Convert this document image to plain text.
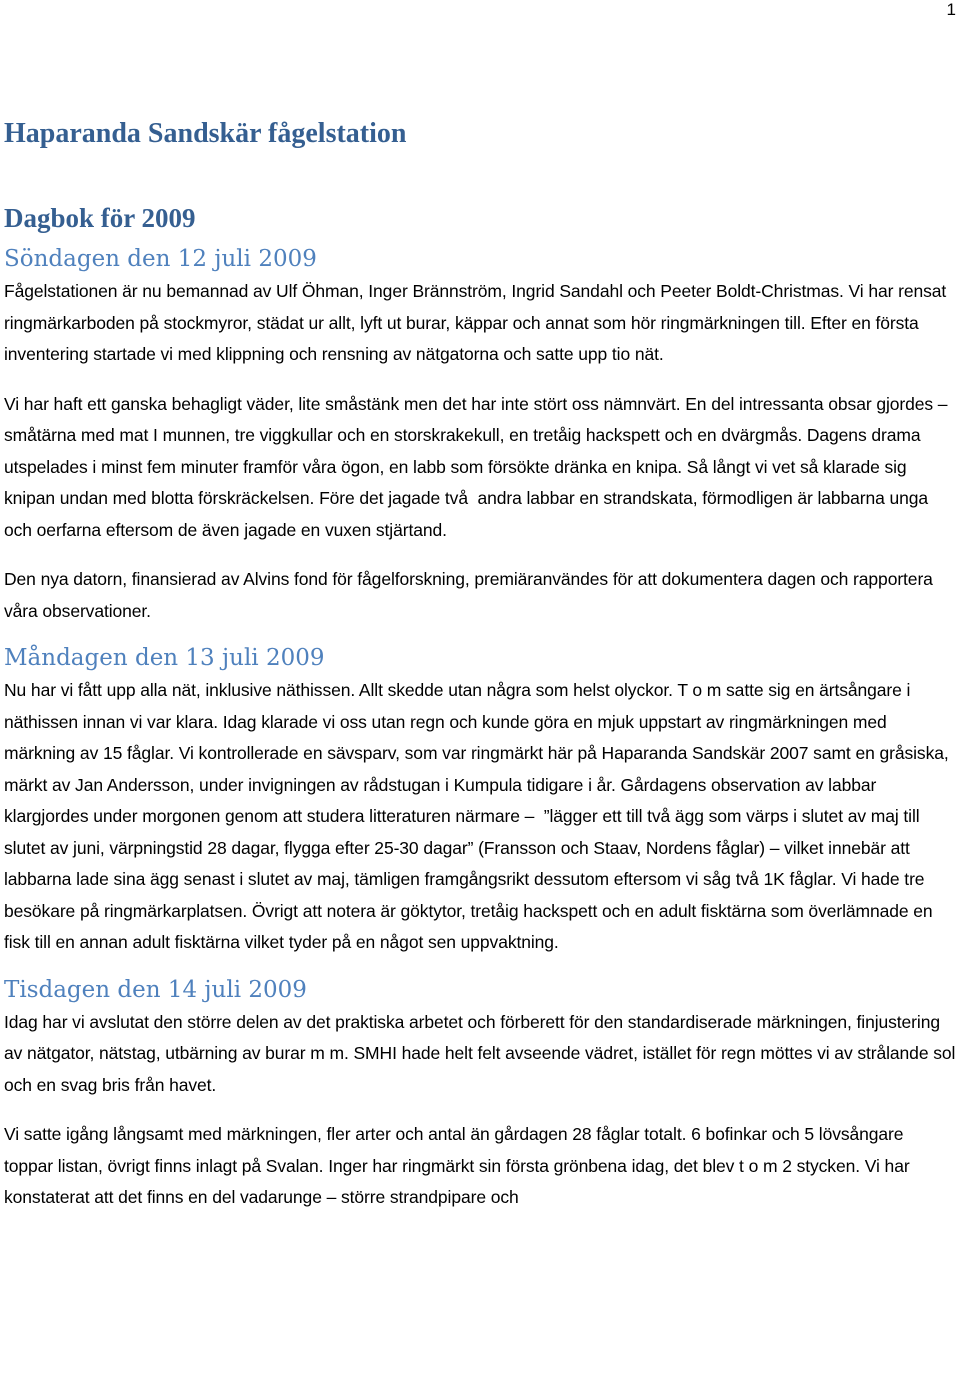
1
Haparanda Sandskär fågelstation
Dagbok för 2009
Söndagen den 12 juli 2009

Fågelstationen är nu bemannad av Ulf Öhman, Inger Brännström, Ingrid Sandahl och Peeter Boldt-Christmas. Vi har rensat ringmärkarboden på stockmyror, städat ur allt, lyft ut burar, käppar och annat som hör ringmärkningen till. Efter en första inventering startade vi med klippning och rensning av nätgatorna och satte upp tio nät.

Vi har haft ett ganska behagligt väder, lite småstänk men det har inte stört oss nämnvärt. En del intressanta obsar gjordes – småtärna med mat I munnen, tre viggkullar och en storskrakekull, en tretåig hackspett och en dvärgmås. Dagens drama utspelades i minst fem minuter framför våra ögon, en labb som försökte dränka en knipa. Så långt vi vet så klarade sig knipan undan med blotta förskräckelsen. Före det jagade två  andra labbar en strandskata, förmodligen är labbarna unga och oerfarna eftersom de även jagade en vuxen stjärtand.

Den nya datorn, finansierad av Alvins fond för fågelforskning, premiäranvändes för att dokumentera dagen och rapportera våra observationer.

Måndagen den 13 juli 2009

Nu har vi fått upp alla nät, inklusive näthissen. Allt skedde utan några som helst olyckor. T o m satte sig en ärtsångare i näthissen innan vi var klara. Idag klarade vi oss utan regn och kunde göra en mjuk uppstart av ringmärkningen med märkning av 15 fåglar. Vi kontrollerade en sävsparv, som var ringmärkt här på Haparanda Sandskär 2007 samt en gråsiska, märkt av Jan Andersson, under invigningen av rådstugan i Kumpula tidigare i år. Gårdagens observation av labbar klargjordes under morgonen genom att studera litteraturen närmare –  ”lägger ett till två ägg som värps i slutet av maj till slutet av juni, värpningstid 28 dagar, flygga efter 25-30 dagar” (Fransson och Staav, Nordens fåglar) – vilket innebär att labbarna lade sina ägg senast i slutet av maj, tämligen framgångsrikt dessutom eftersom vi såg två 1K fåglar. Vi hade tre besökare på ringmärkarplatsen. Övrigt att notera är göktytor, tretåig hackspett och en adult fisktärna som överlämnade en fisk till en annan adult fisktärna vilket tyder på en något sen uppvaktning.

Tisdagen den 14 juli 2009

Idag har vi avslutat den större delen av det praktiska arbetet och förberett för den standardiserade märkningen, finjustering av nätgator, nätstag, utbärning av burar m m. SMHI hade helt felt avseende vädret, istället för regn möttes vi av strålande sol och en svag bris från havet.

Vi satte igång långsamt med märkningen, fler arter och antal än gårdagen 28 fåglar totalt. 6 bofinkar och 5 lövsångare toppar listan, övrigt finns inlagt på Svalan. Inger har ringmärkt sin första grönbena idag, det blev t o m 2 stycken. Vi har konstaterat att det finns en del vadarunge – större strandpipare och
